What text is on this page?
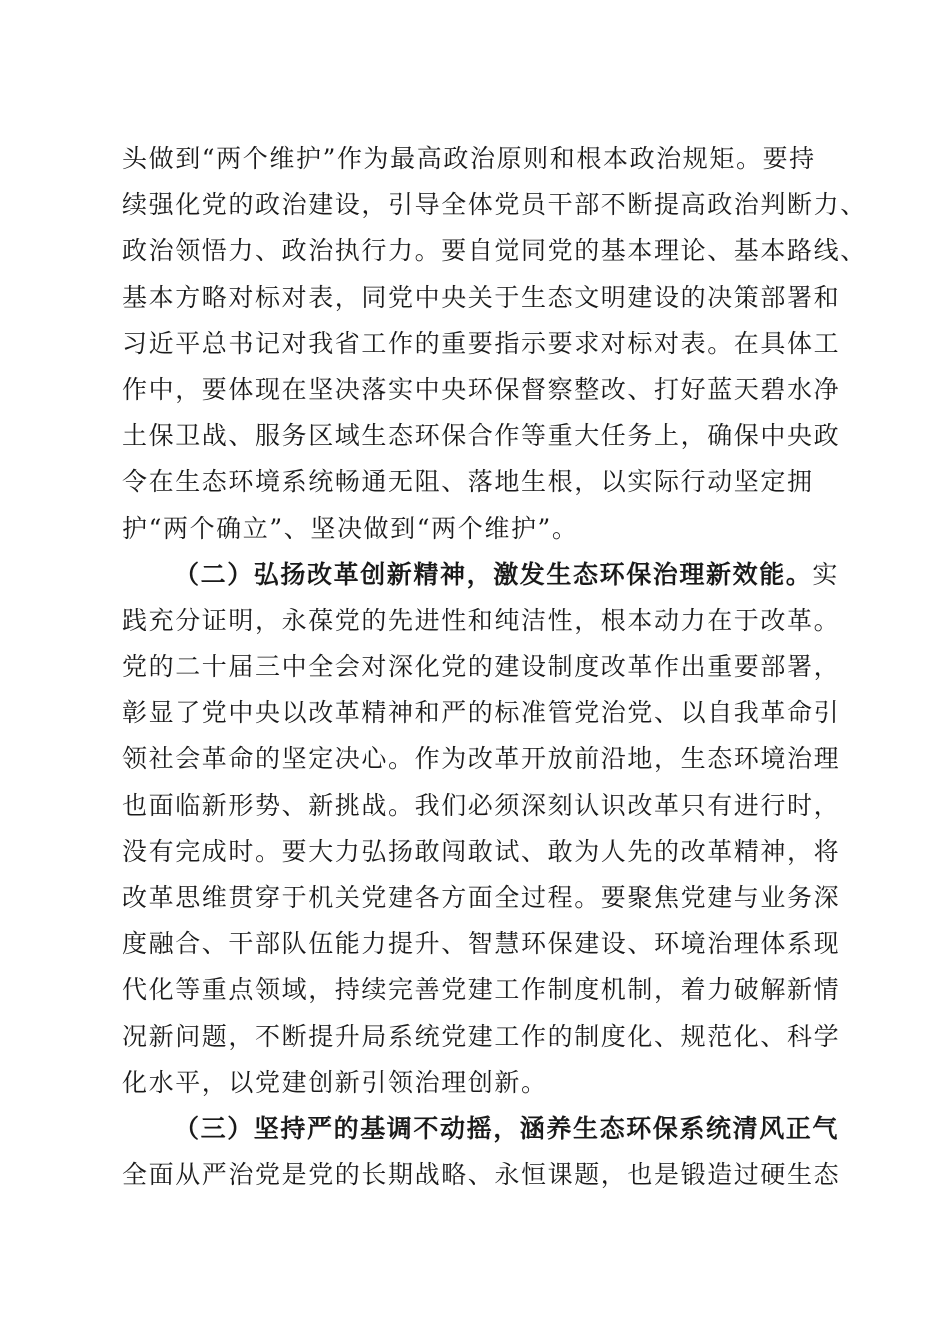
头做到“两个维护”作为最高政治原则和根本政治规矩。要持
续强化党的政治建设，引导全体党员干部不断提高政治判断力、
政治领悟力、政治执行力。要自觉同党的基本理论、基本路线、
基本方略对标对表，同党中央关于生态文明建设的决策部署和
习近平总书记对我省工作的重要指示要求对标对表。在具体工
作中，要体现在坚决落实中央环保督察整改、打好蓝天碧水净
土保卫战、服务区域生态环保合作等重大任务上，确保中央政
令在生态环境系统畅通无阻、落地生根，以实际行动坚定拥
护“两个确立”、坚决做到“两个维护”。
（二）弘扬改革创新精神，激发生态环保治理新效能。实
践充分证明，永葆党的先进性和纯洁性，根本动力在于改革。
党的二十届三中全会对深化党的建设制度改革作出重要部署，
彰显了党中央以改革精神和严的标准管党治党、以自我革命引
领社会革命的坚定决心。作为改革开放前沿地，生态环境治理
也面临新形势、新挑战。我们必须深刻认识改革只有进行时，
没有完成时。要大力弘扬敢闯敢试、敢为人先的改革精神，将
改革思维贯穿于机关党建各方面全过程。要聚焦党建与业务深
度融合、干部队伍能力提升、智慧环保建设、环境治理体系现
代化等重点领域，持续完善党建工作制度机制，着力破解新情
况新问题，不断提升局系统党建工作的制度化、规范化、科学
化水平，以党建创新引领治理创新。
（三）坚持严的基调不动摇，涵养生态环保系统清风正气
全面从严治党是党的长期战略、永恒课题，也是锻造过硬生态
